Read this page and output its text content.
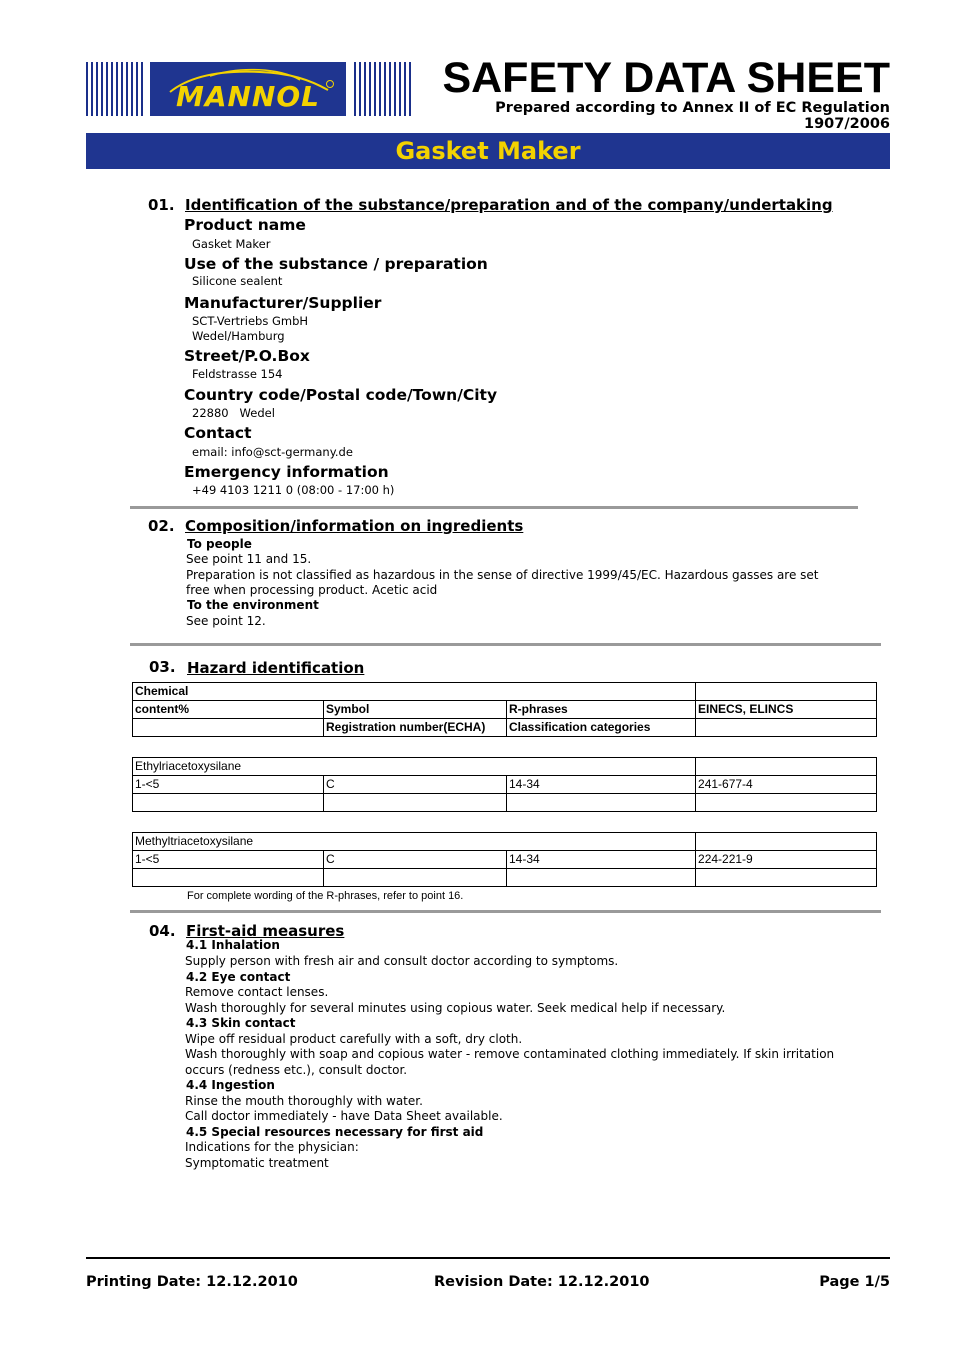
MANNOL	SAFETY DATA SHEET
Prepared according to Annex II of EC Regulation 1907/2006
Gasket Maker
01. Identification of the substance/preparation and of the company/undertaking
Product name
Gasket Maker
Use of the substance / preparation
Silicone sealent
Manufacturer/Supplier
SCT-Vertriebs GmbH
Wedel/Hamburg
Street/P.O.Box
Feldstrasse 154
Country code/Postal code/Town/City
22880   Wedel
Contact
email: info@sct-germany.de
Emergency information
+49 4103 1211 0 (08:00 - 17:00 h)
02. Composition/information on ingredients
To people
See point 11 and 15.
Preparation is not classified as hazardous in the sense of directive 1999/45/EC. Hazardous gasses are set
free when processing product. Acetic acid
To the environment
See point 12.
03. Hazard identification
Chemical			
content%	Symbol	R-phrases	EINECS, ELINCS
	Registration number(ECHA)	Classification categories	
Ethylriacetoxysilane			
1-<5	C	14-34	241-677-4

Methyltriacetoxysilane			
1-<5	C	14-34	224-221-9

For complete wording of the R-phrases, refer to point 16.
04. First-aid measures
4.1 Inhalation
Supply person with fresh air and consult doctor according to symptoms.
4.2 Eye contact
Remove contact lenses.
Wash thoroughly for several minutes using copious water. Seek medical help if necessary.
4.3 Skin contact
Wipe off residual product carefully with a soft, dry cloth.
Wash thoroughly with soap and copious water - remove contaminated clothing immediately. If skin irritation
occurs (redness etc.), consult doctor.
4.4 Ingestion
Rinse the mouth thoroughly with water.
Call doctor immediately - have Data Sheet available.
4.5 Special resources necessary for first aid
Indications for the physician:
Symptomatic treatment
Printing Date: 12.12.2010	Revision Date: 12.12.2010	Page 1/5
